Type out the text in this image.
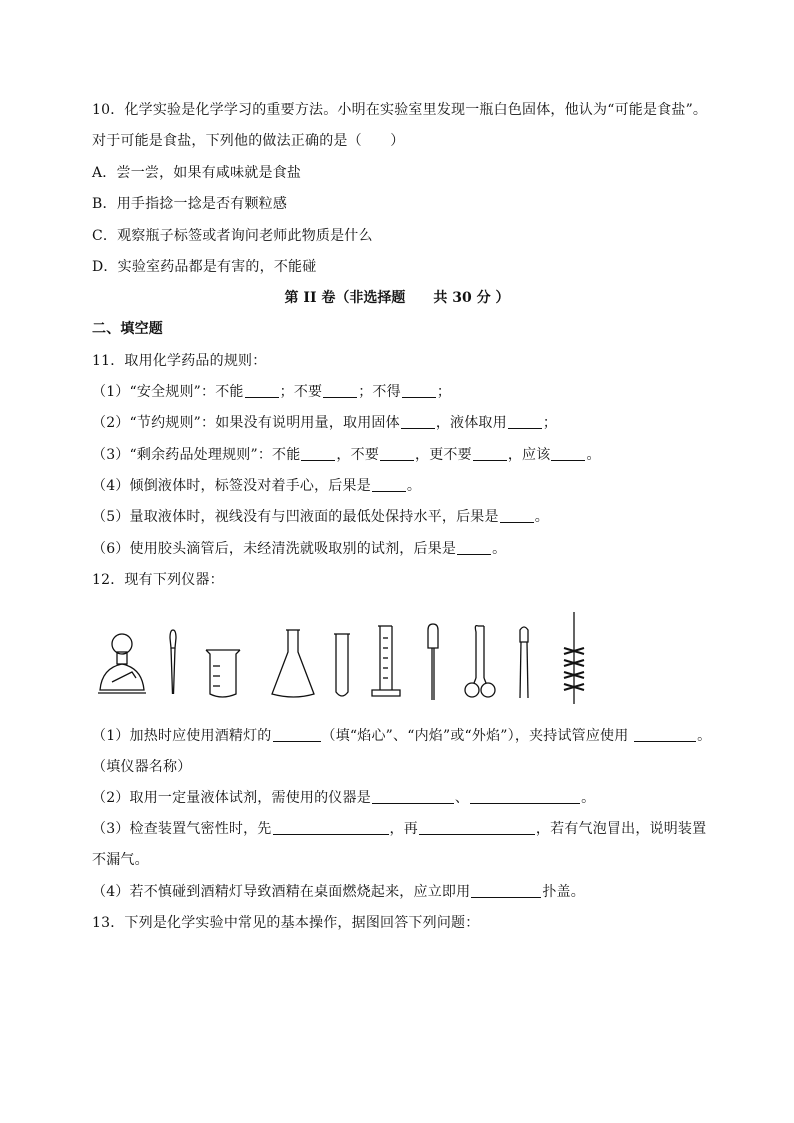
10．化学实验是化学学习的重要方法。小明在实验室里发现一瓶白色固体，他认为“可能是食盐”。
对于可能是食盐，下列他的做法正确的是（　　）
A．尝一尝，如果有咸味就是食盐
B．用手指捻一捻是否有颗粒感
C．观察瓶子标签或者询问老师此物质是什么
D．实验室药品都是有害的，不能碰
第 II 卷（非选择题　　共 30 分 ）
二、填空题
11．取用化学药品的规则：
（1）“安全规则”：不能	；不要	；不得	；
（2）“节约规则”：如果没有说明用量，取用固体	，液体取用	；
（3）“剩余药品处理规则”：不能	，不要	，更不要	，应该	。
（4）倾倒液体时，标签没对着手心，后果是	。
（5）量取液体时，视线没有与凹液面的最低处保持水平，后果是	。
（6）使用胶头滴管后，未经清洗就吸取别的试剂，后果是	。
12．现有下列仪器：
（1）加热时应使用酒精灯的	（填“焰心”、“内焰”或“外焰”），夹持试管应使用	。
（填仪器名称）
（2）取用一定量液体试剂，需使用的仪器是	、	。
（3）检查装置气密性时，先	，再	，若有气泡冒出，说明装置
不漏气。
（4）若不慎碰到酒精灯导致酒精在桌面燃烧起来，应立即用	扑盖。
13．下列是化学实验中常见的基本操作，据图回答下列问题：
